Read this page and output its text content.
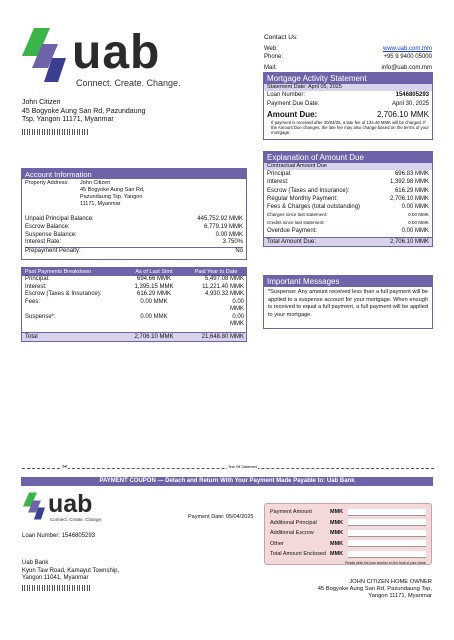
uab
Connect. Create. Change.
Contact Us:
Web:	www.uab.com.mm
Phone:	+95 9 9400 05000
Mail:	info@uab.com.mm
John Citizen
45 Bogyoke Aung San Rd, Pazundaung
Tsp, Yangon 11171, Myanmar
Mortgage Activity Statement
Statement Date: April 05, 2025
Loan Number:	1546805293
Payment Due Date:	April 30, 2025
Amount Due:	2,706.10 MMK
If payment is received after 30/04/25, a late fee of 134.49 MMK will be charged. If the Amount Due changes, the late fee may also change based on the terms of your mortgage.
Account Information
Property Address:	John Citizen
45 Bogyoke Aung San Rd,
Pazundaung Tsp, Yangon
11171, Myanmar
Unpaid Principal Balance:	445,752.92 MMK
Escrow Balance:	6,779.19 MMK
Suspense Balance:	0.00 MMK
Interest Rate:	3.750%
Prepayment Penalty:	No
Explanation of Amount Due
Contractual Amount Due
Principal:	696.83 MMK
Interest:	1,392.98 MMK
Escrow (Taxes and Insurance):	616.29 MMK
Regular Monthly Payment:	2,706.10 MMK
Fees & Charges (total outstanding)	0.00 MMK
Charges since last statement:	0.00 MMK
Credits since last statement:	0.00 MMK
Overdue Payment:	0.00 MMK
Total Amount Due:	2,706.10 MMK
Past Payments Breakdown	As of Last Stmt	Paid Year to Date
Principal:	694.66 MMK	5,497.08 MMK
Interest:	1,395.15 MMK	11,221.40 MMK
Escrow (Taxes & Insurance):	616.29 MMK	4,930.32 MMK
Fees:	0.00 MMK	0.00
MMK
Suspense*:	0.00 MMK	0.00
MMK
Total	2,706.10 MMK	21,648.80 MMK
Important Messages
*Suspense: Any amount received less than a full payment will be applied to a suspense account for your mortgage. When enough is received to equal a full payment, a full payment will be applied to your mortgage.
✂	Tear Off Statement
PAYMENT COUPON — Detach and Return With Your Payment Made Payable to: Uab Bank
uab
Connect. Create. Change.	Payment Date: 05/04/2025
Loan Number: 1546805293
Uab Bank
Kyun Taw Road, Kamayut Township,
Yangon 11041, Myanmar
Payment Amount	MMK
Additional Principal	MMK
Additional Escrow	MMK
Other	MMK
Total Amount Enclosed MMK
Please write the loan number on the front of your check
JOHN CITIZEN HOME OWNER
45 Bogyoke Aung San Rd, Pazundaung Tsp,
Yangon 11171, Myanmar
